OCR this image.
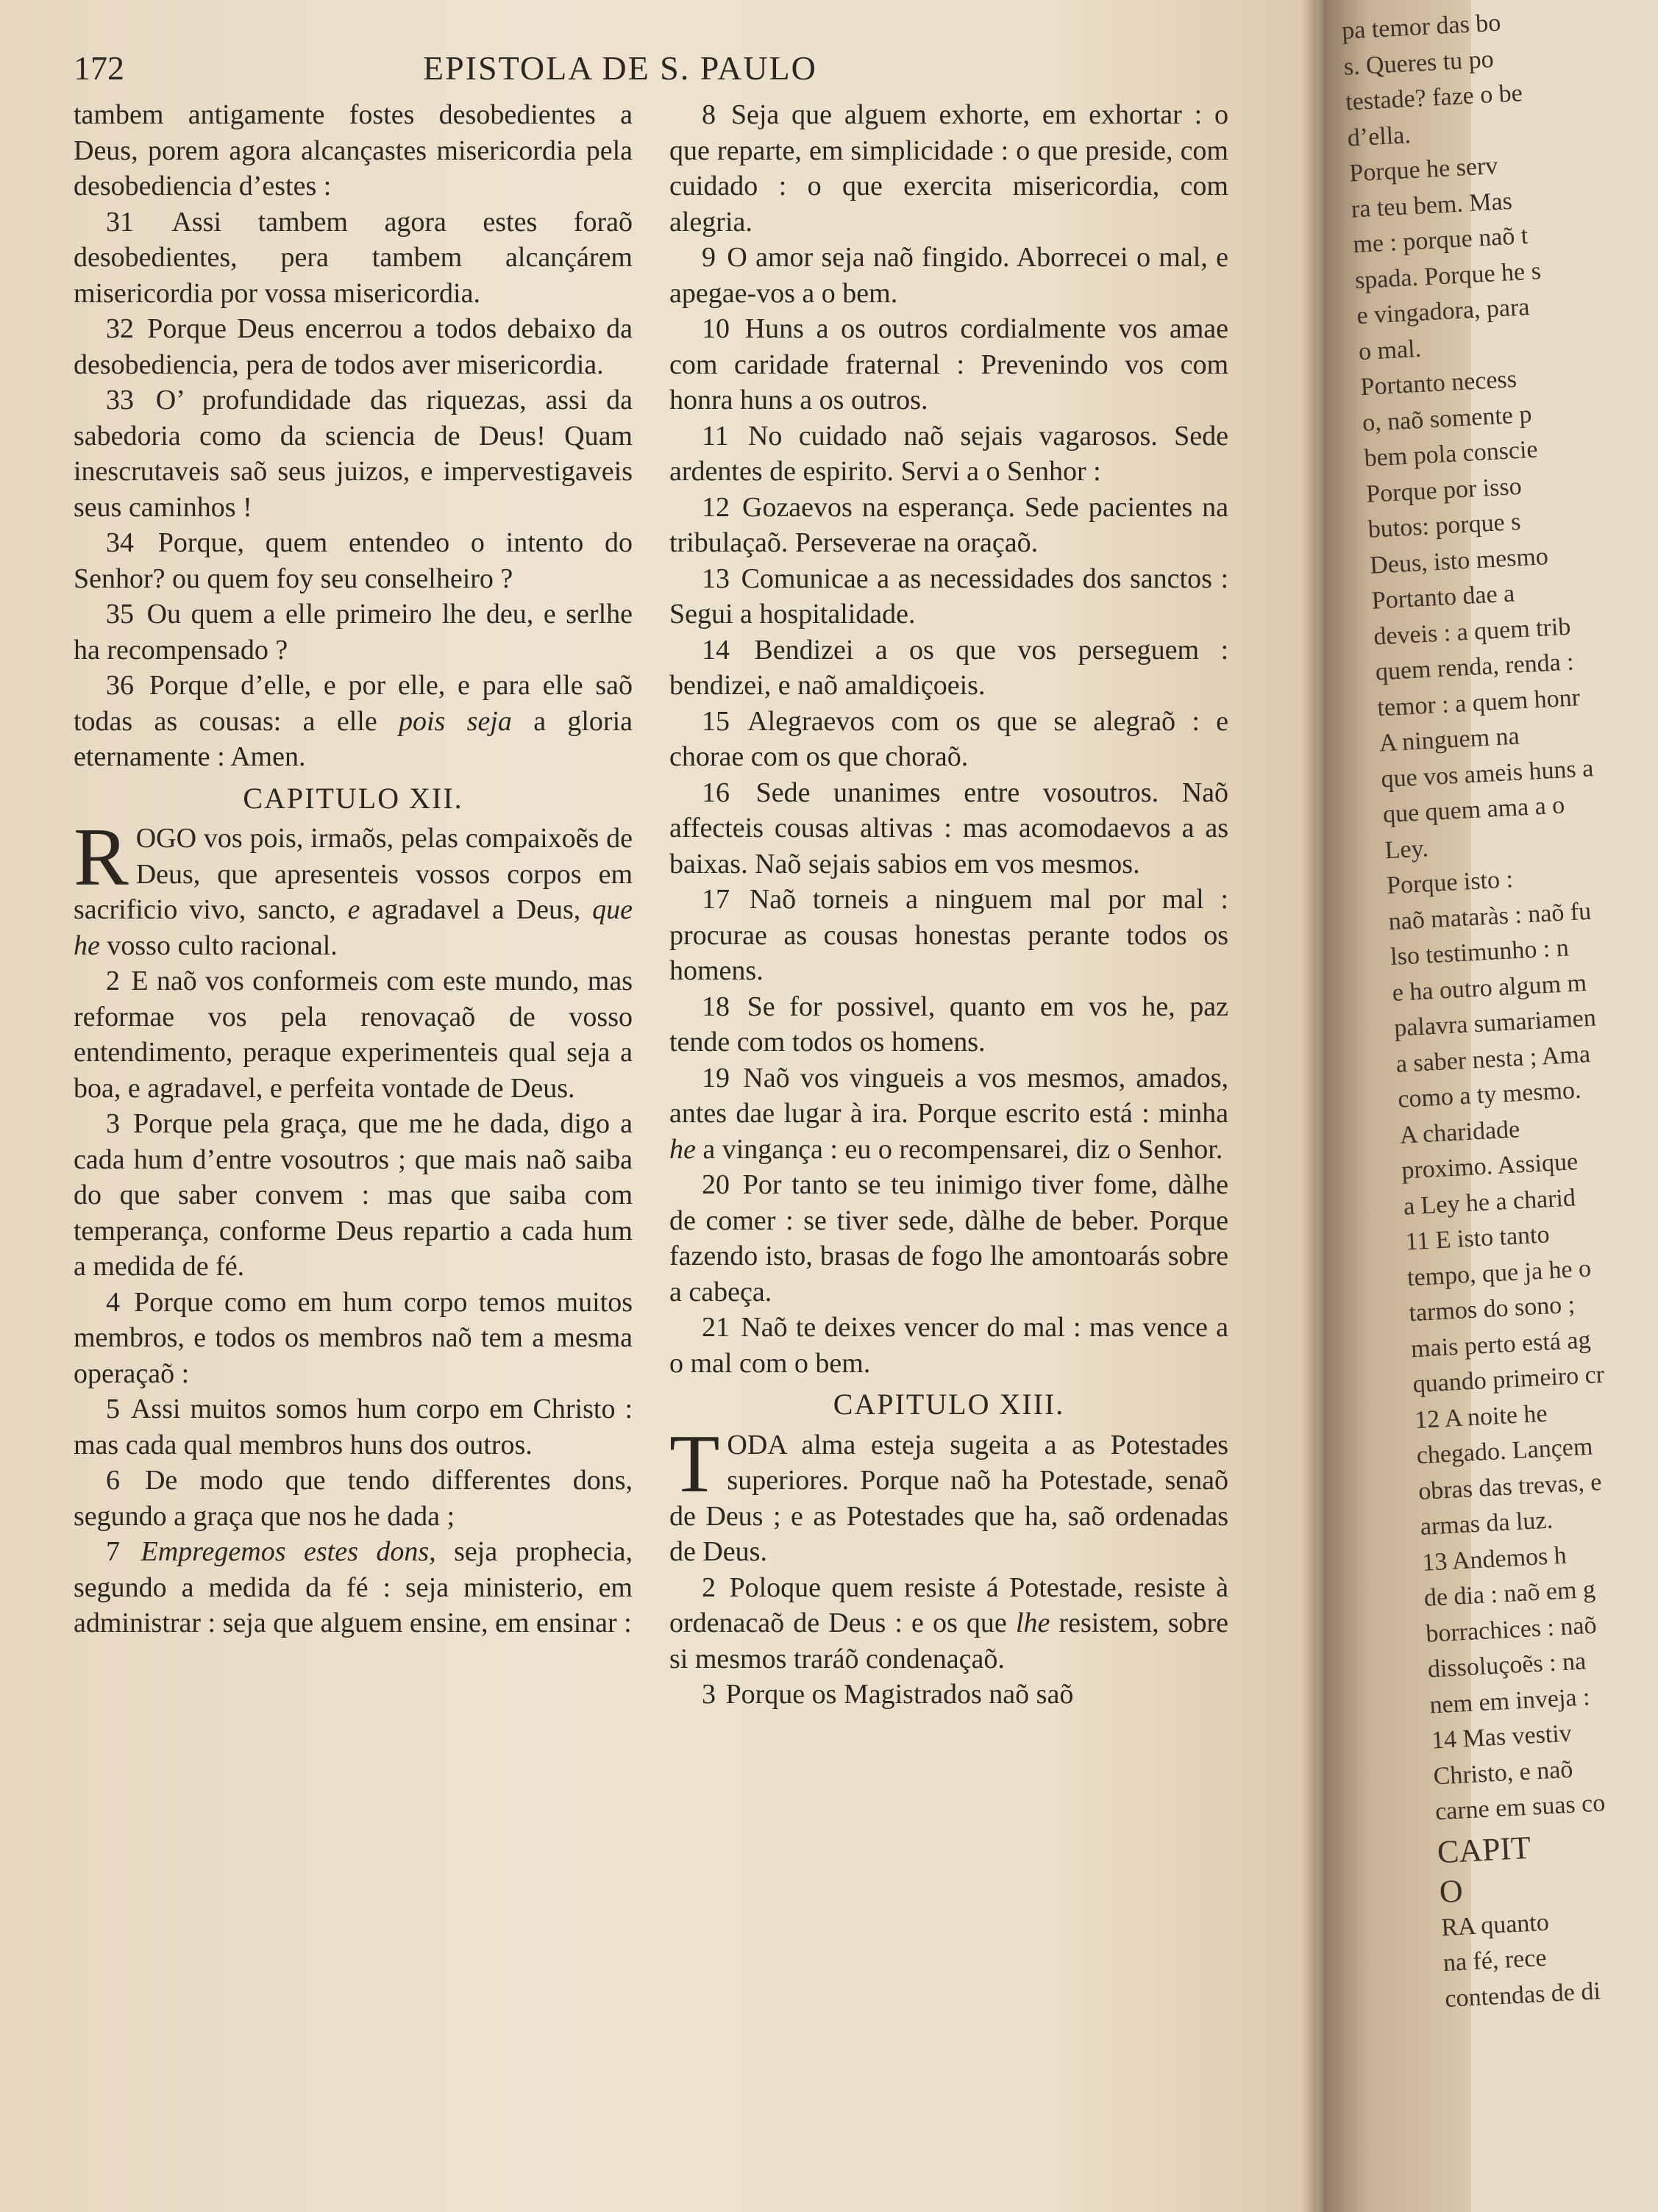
pa temor das bo
s. Queres tu po
testade? faze o be
d’ella.
Porque he serv
ra teu bem. Mas
me : porque naõ t
spada. Porque he s
e vingadora, para
o mal.
Portanto necess
o, naõ somente p
bem pola conscie
Porque por isso
butos: porque s
Deus, isto mesmo
Portanto dae a
deveis : a quem trib
quem renda, renda :
temor : a quem honr
A ninguem na
que vos ameis huns a
que quem ama a o
Ley.
Porque isto :
naõ mataràs : naõ fu
lso testimunho : n
e ha outro algum m
palavra sumariamen
a saber nesta ; Ama
como a ty mesmo.
A charidade
proximo. Assique
a Ley he a charid
11 E isto tanto
tempo, que ja he o
tarmos do sono ;
mais perto está ag
quando primeiro cr
12 A noite he
chegado. Lançem
obras das trevas, e
armas da luz.
13 Andemos h
de dia : naõ em g
borrachices : naõ
dissoluçoẽs : na
nem em inveja :
14 Mas vestiv
Christo, e naõ
carne em suas co
CAPIT
O
RA quanto
na fé, rece
contendas de di
172	EPISTOLA DE S. PAULO

tambem antigamente fostes desobedientes a Deus, porem agora alcançastes misericordia pela desobediencia d’estes :

31 Assi tambem agora estes foraõ desobedientes, pera tambem alcançárem misericordia por vossa misericordia.

32 Porque Deus encerrou a todos debaixo da desobediencia, pera de todos aver misericordia.

33 O’ profundidade das riquezas, assi da sabedoria como da sciencia de Deus! Quam inescrutaveis saõ seus juizos, e impervestigaveis seus caminhos !

34 Porque, quem entendeo o intento do Senhor? ou quem foy seu conselheiro ?

35 Ou quem a elle primeiro lhe deu, e serlhe ha recompensado ?

36 Porque d’elle, e por elle, e para elle saõ todas as cousas: a elle pois seja a gloria eternamente : Amen.

CAPITULO XII.

ROGO vos pois, irmaõs, pelas compaixoẽs de Deus, que apresenteis vossos corpos em sacrificio vivo, sancto, e agradavel a Deus, que he vosso culto racional.

2 E naõ vos conformeis com este mundo, mas reformae vos pela renovaçaõ de vosso entendimento, peraque experimenteis qual seja a boa, e agradavel, e perfeita vontade de Deus.

3 Porque pela graça, que me he dada, digo a cada hum d’entre vosoutros ; que mais naõ saiba do que saber convem : mas que saiba com temperança, conforme Deus repartio a cada hum a medida de fé.

4 Porque como em hum corpo temos muitos membros, e todos os membros naõ tem a mesma operaçaõ :

5 Assi muitos somos hum corpo em Christo : mas cada qual membros huns dos outros.

6 De modo que tendo differentes dons, segundo a graça que nos he dada ;

7 Empregemos estes dons, seja prophecia, segundo a medida da fé : seja ministerio, em administrar : seja que alguem ensine, em ensinar :

8 Seja que alguem exhorte, em exhortar : o que reparte, em simplicidade : o que preside, com cuidado : o que exercita misericordia, com alegria.

9 O amor seja naõ fingido. Aborrecei o mal, e apegae-vos a o bem.

10 Huns a os outros cordialmente vos amae com caridade fraternal : Prevenindo vos com honra huns a os outros.

11 No cuidado naõ sejais vagarosos. Sede ardentes de espirito. Servi a o Senhor :

12 Gozaevos na esperança. Sede pacientes na tribulaçaõ. Perseverae na oraçaõ.

13 Comunicae a as necessidades dos sanctos : Segui a hospitalidade.

14 Bendizei a os que vos perseguem : bendizei, e naõ amaldiçoeis.

15 Alegraevos com os que se alegraõ : e chorae com os que choraõ.

16 Sede unanimes entre vosoutros. Naõ affecteis cousas altivas : mas acomodaevos a as baixas. Naõ sejais sabios em vos mesmos.

17 Naõ torneis a ninguem mal por mal : procurae as cousas honestas perante todos os homens.

18 Se for possivel, quanto em vos he, paz tende com todos os homens.

19 Naõ vos vingueis a vos mesmos, amados, antes dae lugar à ira. Porque escrito está : minha he a vingança : eu o recompensarei, diz o Senhor.

20 Por tanto se teu inimigo tiver fome, dàlhe de comer : se tiver sede, dàlhe de beber. Porque fazendo isto, brasas de fogo lhe amontoarás sobre a cabeça.

21 Naõ te deixes vencer do mal : mas vence a o mal com o bem.

CAPITULO XIII.

TODA alma esteja sugeita a as Potestades superiores. Porque naõ ha Potestade, senaõ de Deus ; e as Potestades que ha, saõ ordenadas de Deus.

2 Poloque quem resiste á Potestade, resiste à ordenacaõ de Deus : e os que lhe resistem, sobre si mesmos traráõ condenaçaõ.

3 Porque os Magistrados naõ saõ
